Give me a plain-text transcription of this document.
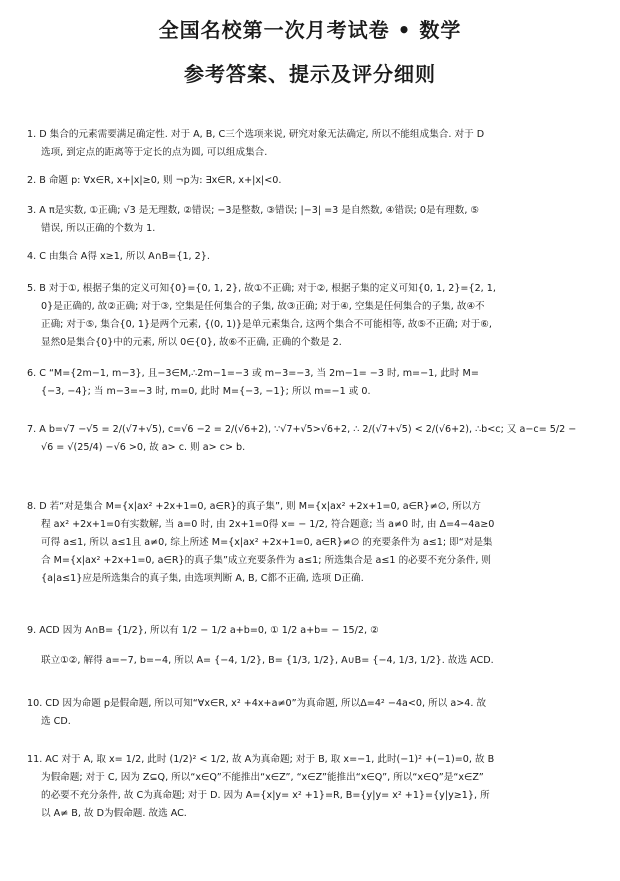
全国名校第一次月考试卷 • 数学
参考答案、提示及评分细则

1. D 集合的元素需要满足确定性. 对于 A, B, C三个选项来说, 研究对象无法确定, 所以不能组成集合. 对于 D

选项, 到定点的距离等于定长的点为圆, 可以组成集合.

2. B 命题 p: ∀x∈R, x+|x|≥0, 则 ¬p为: ∃x∈R, x+|x|<0.

3. A π是实数, ①正确; √3 是无理数, ②错误; −3是整数, ③错误; |−3| =3 是自然数, ④错误; 0是有理数, ⑤

错误, 所以正确的个数为 1.

4. C 由集合 A得 x≥1, 所以 A∩B={1, 2}.

5. B 对于①, 根据子集的定义可知{0}={0, 1, 2}, 故①不正确; 对于②, 根据子集的定义可知{0, 1, 2}={2, 1,

0}是正确的, 故②正确; 对于③, 空集是任何集合的子集, 故③正确; 对于④, 空集是任何集合的子集, 故④不

正确; 对于⑤, 集合{0, 1}是两个元素, {(0, 1)}是单元素集合, 这两个集合不可能相等, 故⑤不正确; 对于⑥,

显然0是集合{0}中的元素, 所以 0∈{0}, 故⑥不正确, 正确的个数是 2.

6. C “M={2m−1, m−3}, 且−3∈M,∴2m−1=−3 或 m−3=−3, 当 2m−1= −3 时, m=−1, 此时 M=

{−3, −4}; 当 m−3=−3 时, m=0, 此时 M={−3, −1}; 所以 m=−1 或 0.

7. A b=√7 −√5 = 2/(√7+√5), c=√6 −2 = 2/(√6+2), ∵√7+√5>√6+2, ∴ 2/(√7+√5) < 2/(√6+2), ∴b<c; 又 a−c= 5/2 −

√6 = √(25/4) −√6 >0, 故 a> c. 则 a> c> b.

8. D 若“对是集合 M={x|ax² +2x+1=0, a∈R}的真子集”, 则 M={x|ax² +2x+1=0, a∈R}≠∅, 所以方

程 ax² +2x+1=0有实数解, 当 a=0 时, 由 2x+1=0得 x= − 1/2, 符合题意; 当 a≠0 时, 由 Δ=4−4a≥0

可得 a≤1, 所以 a≤1且 a≠0, 综上所述 M={x|ax² +2x+1=0, a∈R}≠∅ 的充要条件为 a≤1; 即“对是集

合 M={x|ax² +2x+1=0, a∈R}的真子集”成立充要条件为 a≤1; 所选集合是 a≤1 的必要不充分条件, 则

{a|a≤1}应是所选集合的真子集, 由选项判断 A, B, C都不正确, 选项 D正确.

9. ACD 因为 A∩B= {1/2}, 所以有 1/2 − 1/2 a+b=0, ① 1/2 a+b= − 15/2, ②

联立①②, 解得 a=−7, b=−4, 所以 A= {−4, 1/2}, B= {1/3, 1/2}, A∪B= {−4, 1/3, 1/2}. 故选 ACD.

10. CD 因为命题 p是假命题, 所以可知“∀x∈R, x² +4x+a≠0”为真命题, 所以Δ=4² −4a<0, 所以 a>4. 故

选 CD.

11. AC 对于 A, 取 x= 1/2, 此时 (1/2)² < 1/2, 故 A为真命题; 对于 B, 取 x=−1, 此时(−1)² +(−1)=0, 故 B

为假命题; 对于 C, 因为 Z⊆Q, 所以“x∈Q”不能推出“x∈Z”, “x∈Z”能推出“x∈Q”, 所以“x∈Q”是“x∈Z”

的必要不充分条件, 故 C为真命题; 对于 D. 因为 A={x|y= x² +1}=R, B={y|y= x² +1}={y|y≥1}, 所

以 A≠ B, 故 D为假命题. 故选 AC.
